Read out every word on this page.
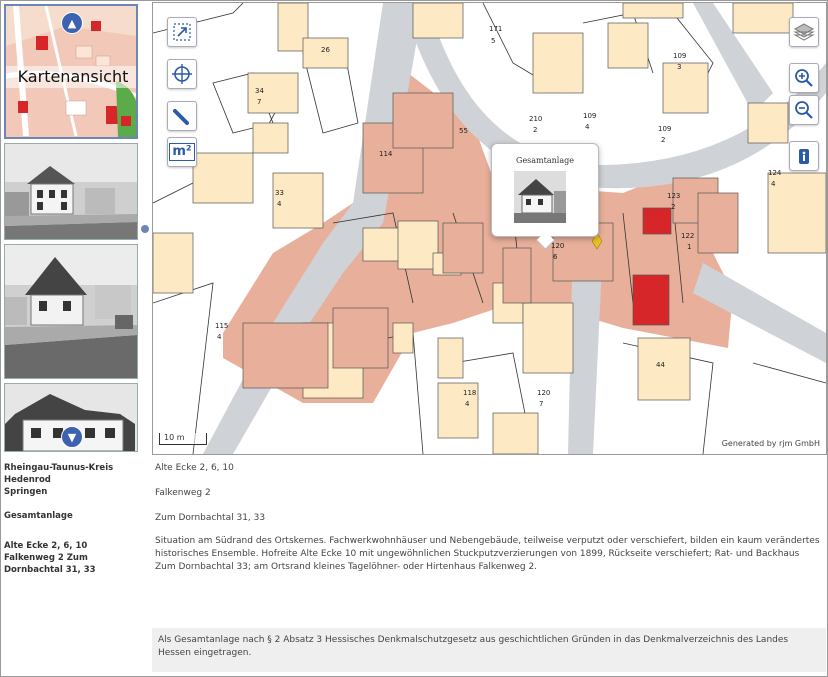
Kartenansicht
▲
▼
171
5
109
3
210
2
109
4	109
2
34
7
33
4
123
2
122
1
124
4
120
6
115
4
118
4
120
7
44
26
114
55
m²
Gesamtanlage
10 m
Generated by rjm GmbH
Rheingau-Taunus-Kreis
Hedenrod
Springen
Gesamtanlage
Alte Ecke 2, 6, 10
Falkenweg 2 Zum
Dornbachtal 31, 33
Alte Ecke 2, 6, 10
Falkenweg 2
Zum Dornbachtal 31, 33
Situation am Südrand des Ortskernes. Fachwerkwohnhäuser und Nebengebäude, teilweise verputzt oder verschiefert, bilden ein kaum verändertes historisches Ensemble. Hofreite Alte Ecke 10 mit ungewöhnlichen Stuckputzverzierungen von 1899, Rückseite verschiefert; Rat- und Backhaus Zum Dornbachtal 33; am Ortsrand kleines Tagelöhner- oder Hirtenhaus Falkenweg 2.
Als Gesamtanlage nach § 2 Absatz 3 Hessisches Denkmalschutzgesetz aus geschichtlichen Gründen in das Denkmalverzeichnis des Landes Hessen eingetragen.
